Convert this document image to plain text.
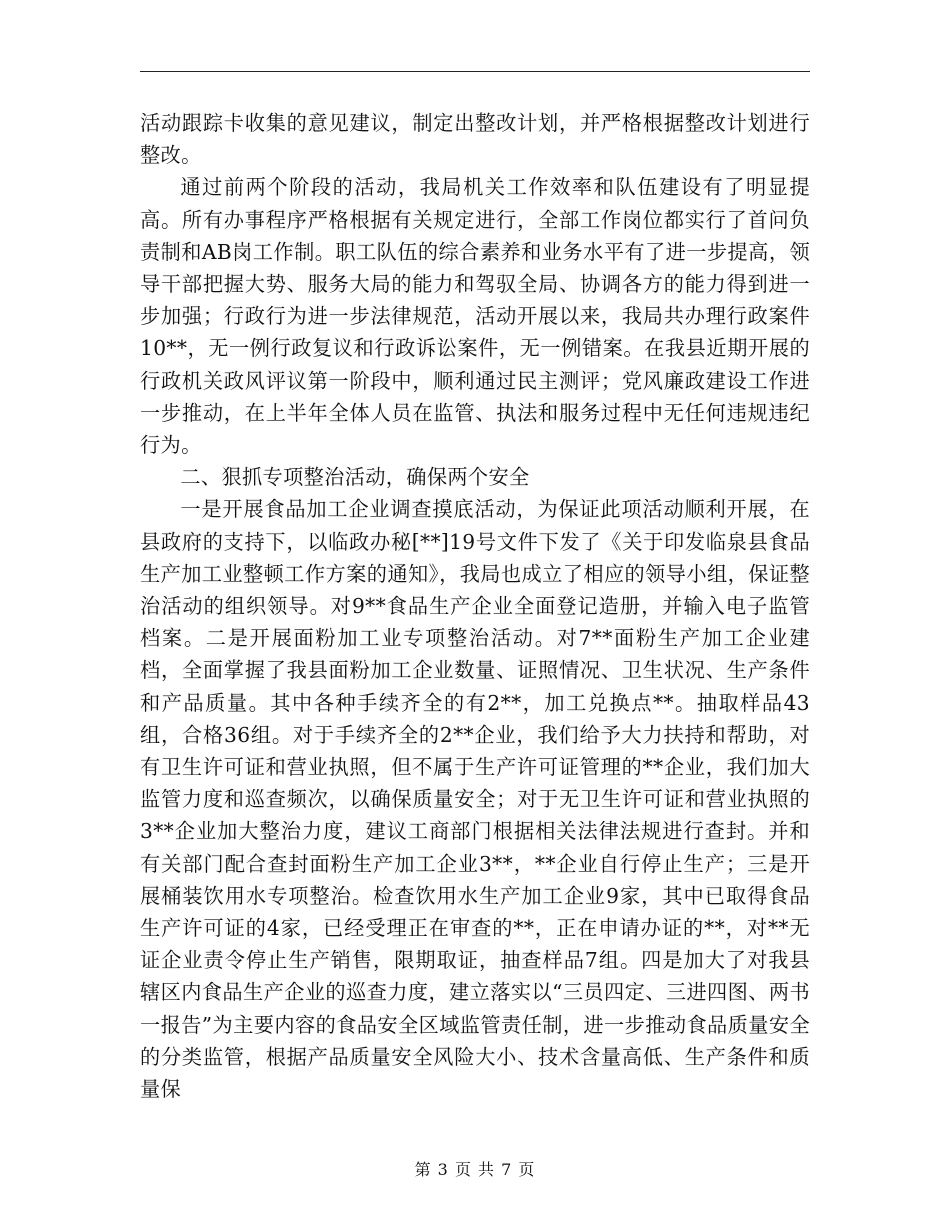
活动跟踪卡收集的意见建议，制定出整改计划，并严格根据整改计划进行整改。

通过前两个阶段的活动，我局机关工作效率和队伍建设有了明显提高。所有办事程序严格根据有关规定进行，全部工作岗位都实行了首问负责制和AB岗工作制。职工队伍的综合素养和业务水平有了进一步提高，领导干部把握大势、服务大局的能力和驾驭全局、协调各方的能力得到进一步加强；行政行为进一步法律规范，活动开展以来，我局共办理行政案件10**，无一例行政复议和行政诉讼案件，无一例错案。在我县近期开展的行政机关政风评议第一阶段中，顺利通过民主测评；党风廉政建设工作进一步推动，在上半年全体人员在监管、执法和服务过程中无任何违规违纪行为。

二、狠抓专项整治活动，确保两个安全

一是开展食品加工企业调查摸底活动，为保证此项活动顺利开展，在县政府的支持下，以临政办秘[**]19号文件下发了《关于印发临泉县食品生产加工业整顿工作方案的通知》，我局也成立了相应的领导小组，保证整治活动的组织领导。对9**食品生产企业全面登记造册，并输入电子监管档案。二是开展面粉加工业专项整治活动。对7**面粉生产加工企业建档，全面掌握了我县面粉加工企业数量、证照情况、卫生状况、生产条件和产品质量。其中各种手续齐全的有2**，加工兑换点**。抽取样品43组，合格36组。对于手续齐全的2**企业，我们给予大力扶持和帮助，对有卫生许可证和营业执照，但不属于生产许可证管理的**企业，我们加大监管力度和巡查频次，以确保质量安全；对于无卫生许可证和营业执照的3**企业加大整治力度，建议工商部门根据相关法律法规进行查封。并和有关部门配合查封面粉生产加工企业3**，**企业自行停止生产；三是开展桶装饮用水专项整治。检查饮用水生产加工企业9家，其中已取得食品生产许可证的4家，已经受理正在审查的**，正在申请办证的**，对**无证企业责令停止生产销售，限期取证，抽查样品7组。四是加大了对我县辖区内食品生产企业的巡查力度，建立落实以“三员四定、三进四图、两书一报告”为主要内容的食品安全区域监管责任制，进一步推动食品质量安全的分类监管，根据产品质量安全风险大小、技术含量高低、生产条件和质量保

第 3 页 共 7 页
